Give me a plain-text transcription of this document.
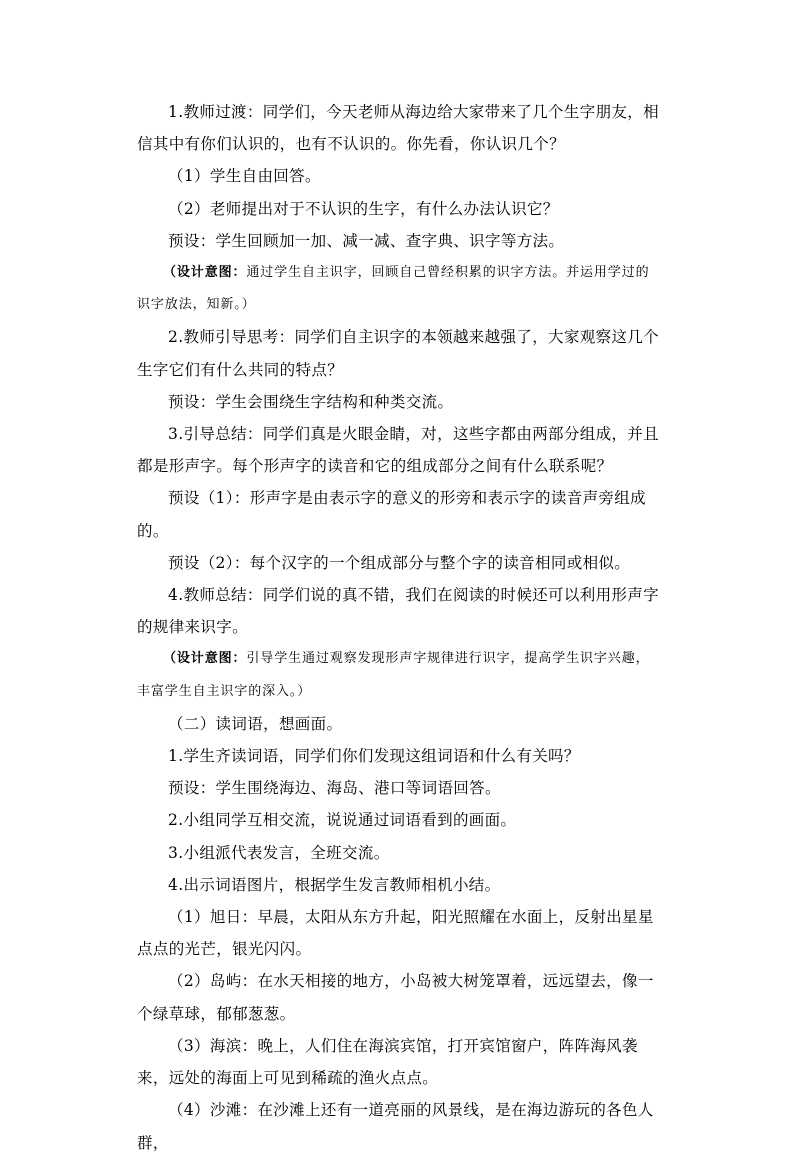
1.教师过渡：同学们，今天老师从海边给大家带来了几个生字朋友，相信其中有你们认识的，也有不认识的。你先看，你认识几个？

（1）学生自由回答。

（2）老师提出对于不认识的生字，有什么办法认识它？

预设：学生回顾加一加、减一减、查字典、识字等方法。

（设计意图：通过学生自主识字，回顾自己曾经积累的识字方法。并运用学过的识字放法，知新。）

2.教师引导思考：同学们自主识字的本领越来越强了，大家观察这几个生字它们有什么共同的特点？

预设：学生会围绕生字结构和种类交流。

3.引导总结：同学们真是火眼金睛，对，这些字都由两部分组成，并且都是形声字。每个形声字的读音和它的组成部分之间有什么联系呢？

预设（1）：形声字是由表示字的意义的形旁和表示字的读音声旁组成的。

预设（2）：每个汉字的一个组成部分与整个字的读音相同或相似。

4.教师总结：同学们说的真不错，我们在阅读的时候还可以利用形声字的规律来识字。

（设计意图：引导学生通过观察发现形声字规律进行识字，提高学生识字兴趣，丰富学生自主识字的深入。）

（二）读词语，想画面。

1.学生齐读词语，同学们你们发现这组词语和什么有关吗？

预设：学生围绕海边、海岛、港口等词语回答。

2.小组同学互相交流，说说通过词语看到的画面。

3.小组派代表发言，全班交流。

4.出示词语图片，根据学生发言教师相机小结。

（1）旭日：早晨，太阳从东方升起，阳光照耀在水面上，反射出星星点点的光芒，银光闪闪。

（2）岛屿：在水天相接的地方，小岛被大树笼罩着，远远望去，像一个绿草球，郁郁葱葱。

（3）海滨：晚上，人们住在海滨宾馆，打开宾馆窗户，阵阵海风袭来，远处的海面上可见到稀疏的渔火点点。

（4）沙滩：在沙滩上还有一道亮丽的风景线，是在海边游玩的各色人群，
